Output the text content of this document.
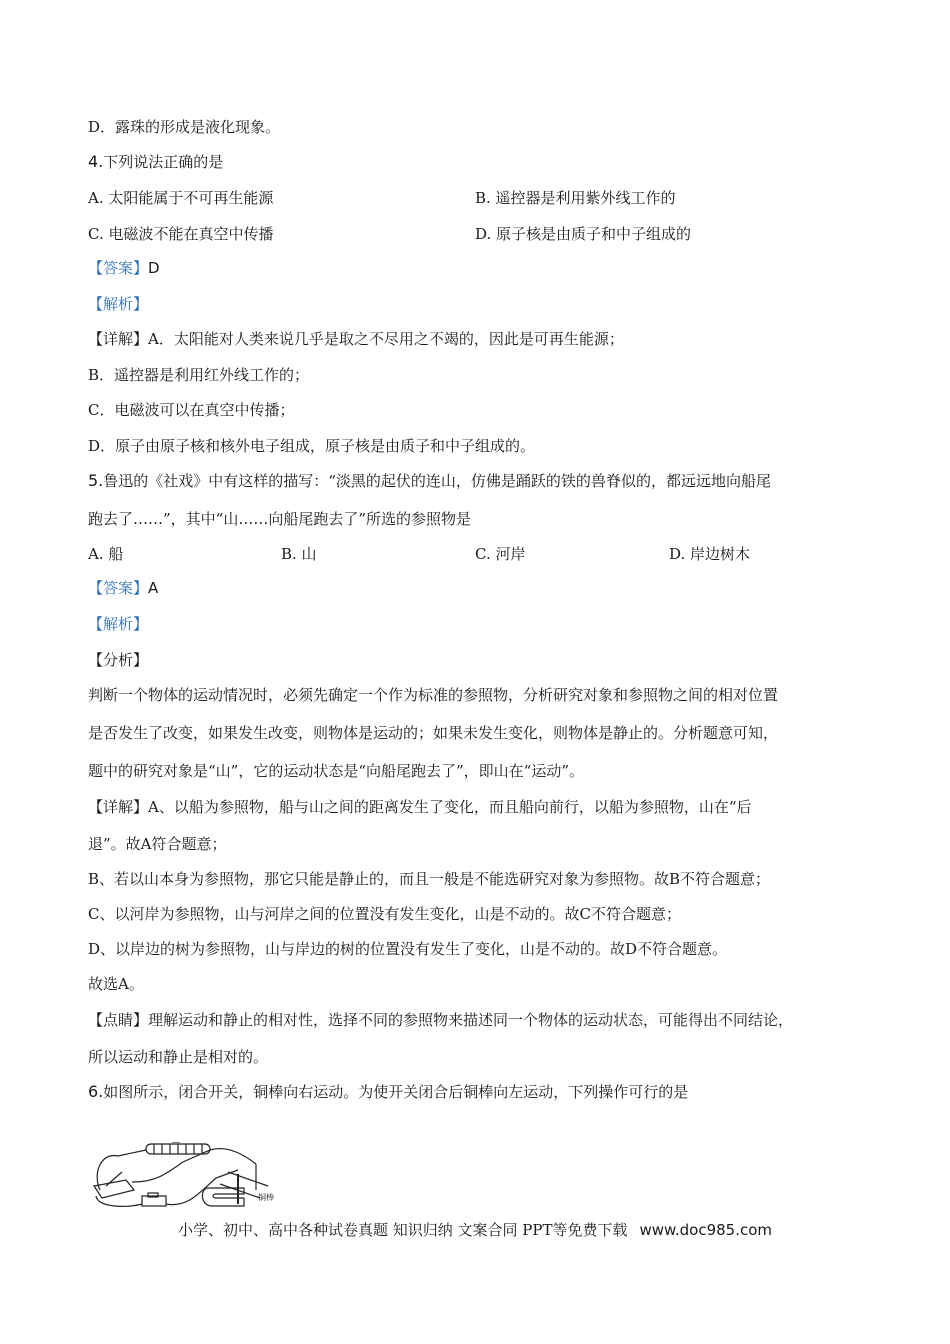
D．露珠的形成是液化现象。
4.下列说法正确的是
A. 太阳能属于不可再生能源	B. 遥控器是利用紫外线工作的
C. 电磁波不能在真空中传播	D. 原子核是由质子和中子组成的
【答案】D
【解析】
【详解】A．太阳能对人类来说几乎是取之不尽用之不竭的，因此是可再生能源；
B．遥控器是利用红外线工作的；
C．电磁波可以在真空中传播；
D．原子由原子核和核外电子组成，原子核是由质子和中子组成的。
5.鲁迅的《社戏》中有这样的描写：“淡黑的起伏的连山，仿佛是踊跃的铁的兽脊似的，都远远地向船尾
跑去了……”，其中“山……向船尾跑去了”所选的参照物是
A. 船	B. 山	C. 河岸	D. 岸边树木
【答案】A
【解析】
【分析】
判断一个物体的运动情况时，必须先确定一个作为标准的参照物，分析研究对象和参照物之间的相对位置
是否发生了改变，如果发生改变，则物体是运动的；如果未发生变化，则物体是静止的。分析题意可知，
题中的研究对象是“山”，它的运动状态是“向船尾跑去了”，即山在“运动”。
【详解】A、以船为参照物，船与山之间的距离发生了变化，而且船向前行，以船为参照物，山在“后
退”。故A符合题意；
B、若以山本身为参照物，那它只能是静止的，而且一般是不能选研究对象为参照物。故B不符合题意；
C、以河岸为参照物，山与河岸之间的位置没有发生变化，山是不动的。故C不符合题意；
D、以岸边的树为参照物，山与岸边的树的位置没有发生了变化，山是不动的。故D不符合题意。
故选A。
【点睛】理解运动和静止的相对性，选择不同的参照物来描述同一个物体的运动状态，可能得出不同结论，
所以运动和静止是相对的。
6.如图所示，闭合开关，铜棒向右运动。为使开关闭合后铜棒向左运动，下列操作可行的是
铜棒
小学、初中、高中各种试卷真题 知识归纳 文案合同 PPT等免费下载 www.doc985.com
